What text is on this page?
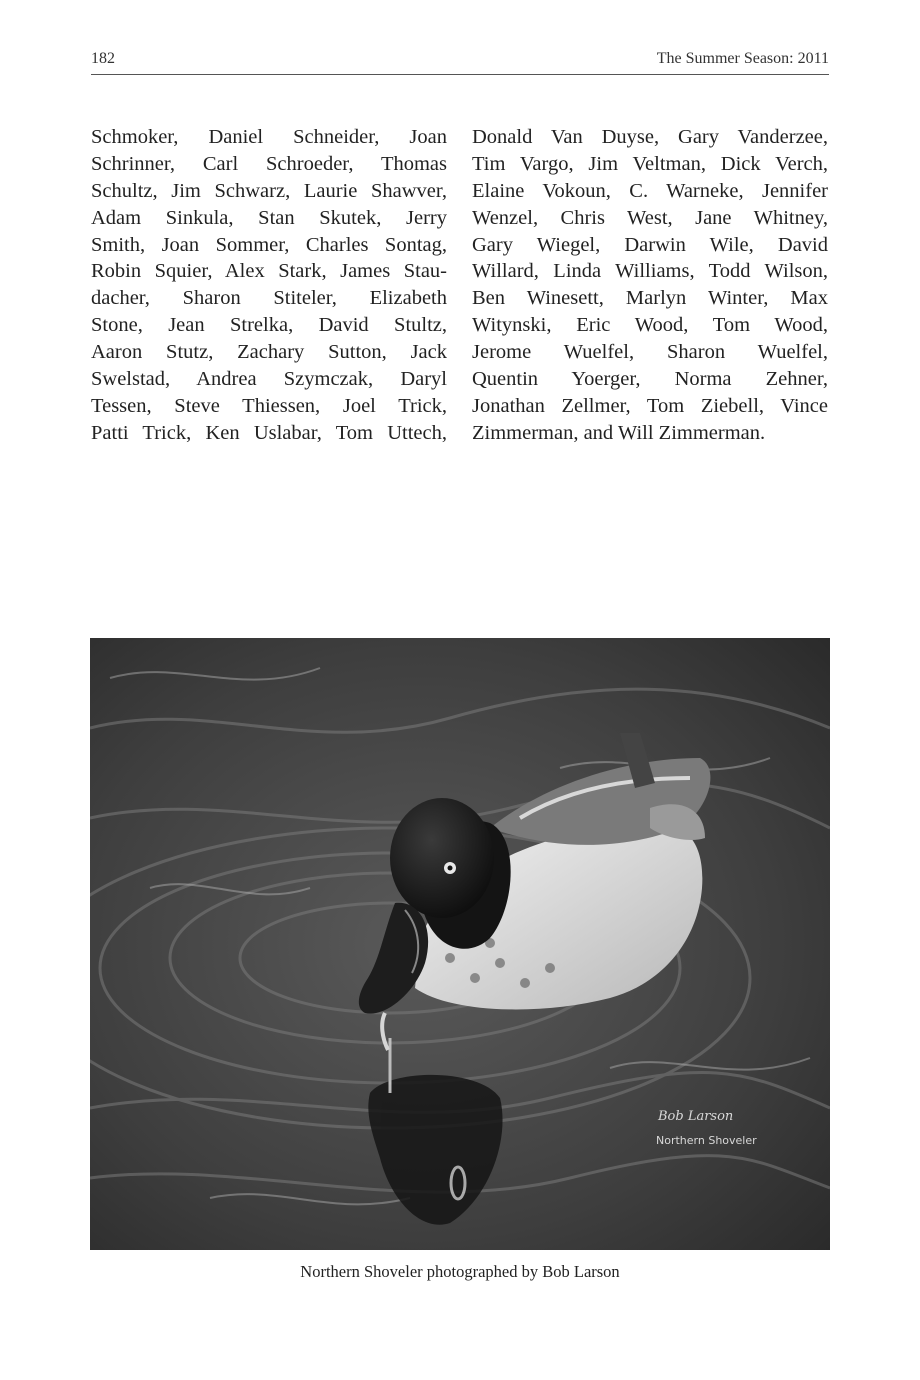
182	The Summer Season: 2011
Schmoker, Daniel Schneider, Joan
Schrinner, Carl Schroeder, Thomas
Schultz, Jim Schwarz, Laurie Shawver,
Adam Sinkula, Stan Skutek, Jerry
Smith, Joan Sommer, Charles Sontag,
Robin Squier, Alex Stark, James Stau-
dacher, Sharon Stiteler, Elizabeth
Stone, Jean Strelka, David Stultz,
Aaron Stutz, Zachary Sutton, Jack
Swelstad, Andrea Szymczak, Daryl
Tessen, Steve Thiessen, Joel Trick,
Patti Trick, Ken Uslabar, Tom Uttech,
Donald Van Duyse, Gary Vanderzee,
Tim Vargo, Jim Veltman, Dick Verch,
Elaine Vokoun, C. Warneke, Jennifer
Wenzel, Chris West, Jane Whitney,
Gary Wiegel, Darwin Wile, David
Willard, Linda Williams, Todd Wilson,
Ben Winesett, Marlyn Winter, Max
Witynski, Eric Wood, Tom Wood,
Jerome Wuelfel, Sharon Wuelfel,
Quentin Yoerger, Norma Zehner,
Jonathan Zellmer, Tom Ziebell, Vince
Zimmerman, and Will Zimmerman.
Bob Larson
Northern Shoveler
Northern Shoveler photographed by Bob Larson
